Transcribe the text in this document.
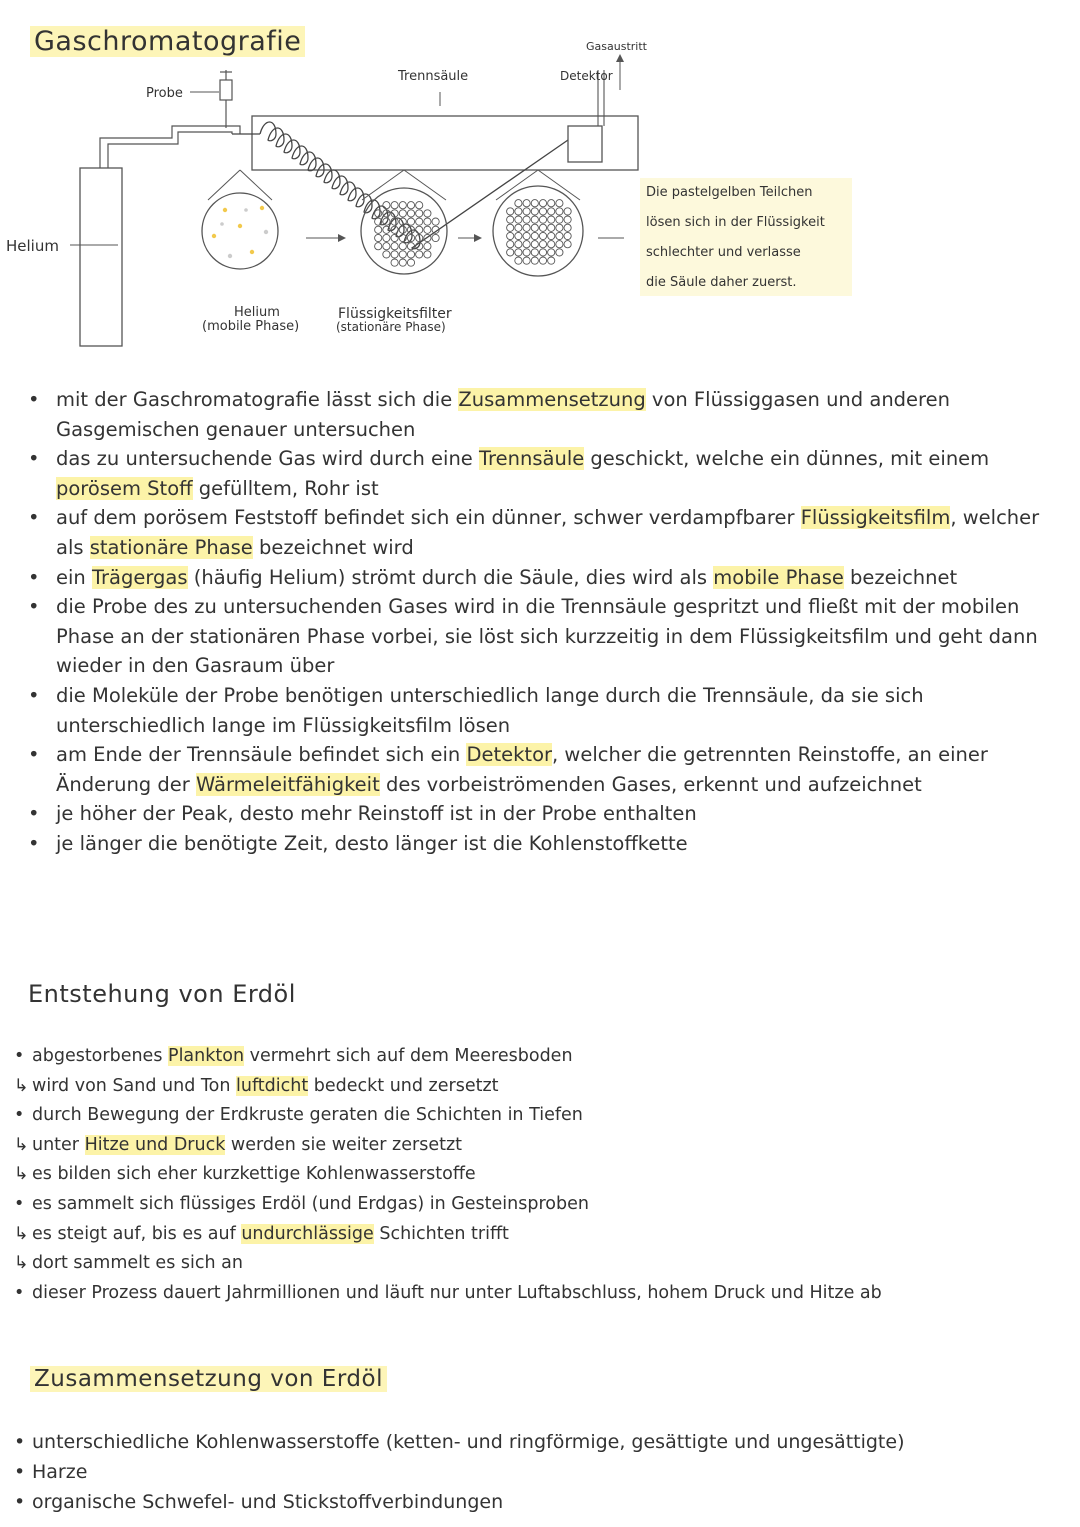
Gaschromatografie
Helium
Probe
Trennsäule
Gasaustritt
Detektor
Helium
(mobile Phase)
Flüssigkeitsfilter
(stationäre Phase)

Die pastelgelben Teilchen

lösen sich in der Flüssigkeit

schlechter und verlasse

die Säule daher zuerst.

• mit der Gaschromatografie lässt sich die Zusammensetzung von Flüssiggasen und anderen Gasgemischen genauer untersuchen
• das zu untersuchende Gas wird durch eine Trennsäule geschickt, welche ein dünnes, mit einem porösem Stoff gefülltem, Rohr ist
• auf dem porösem Feststoff befindet sich ein dünner, schwer verdampfbarer Flüssigkeitsfilm, welcher als stationäre Phase bezeichnet wird
• ein Trägergas (häufig Helium) strömt durch die Säule, dies wird als mobile Phase bezeichnet
• die Probe des zu untersuchenden Gases wird in die Trennsäule gespritzt und fließt mit der mobilen Phase an der stationären Phase vorbei, sie löst sich kurzzeitig in dem Flüssigkeitsfilm und geht dann wieder in den Gasraum über
• die Moleküle der Probe benötigen unterschiedlich lange durch die Trennsäule, da sie sich unterschiedlich lange im Flüssigkeitsfilm lösen
• am Ende der Trennsäule befindet sich ein Detektor, welcher die getrennten Reinstoffe, an einer Änderung der Wärmeleitfähigkeit des vorbeiströmenden Gases, erkennt und aufzeichnet
• je höher der Peak, desto mehr Reinstoff ist in der Probe enthalten
• je länger die benötigte Zeit, desto länger ist die Kohlenstoffkette
Entstehung von Erdöl
• abgestorbenes Plankton vermehrt sich auf dem Meeresboden
↳ wird von Sand und Ton luftdicht bedeckt und zersetzt
• durch Bewegung der Erdkruste geraten die Schichten in Tiefen
↳ unter Hitze und Druck werden sie weiter zersetzt
↳ es bilden sich eher kurzkettige Kohlenwasserstoffe
• es sammelt sich flüssiges Erdöl (und Erdgas) in Gesteinsproben
↳ es steigt auf, bis es auf undurchlässige Schichten trifft
↳ dort sammelt es sich an
• dieser Prozess dauert Jahrmillionen und läuft nur unter Luftabschluss, hohem Druck und Hitze ab
Zusammensetzung von Erdöl
• unterschiedliche Kohlenwasserstoffe (ketten- und ringförmige, gesättigte und ungesättigte)
• Harze
• organische Schwefel- und Stickstoffverbindungen
